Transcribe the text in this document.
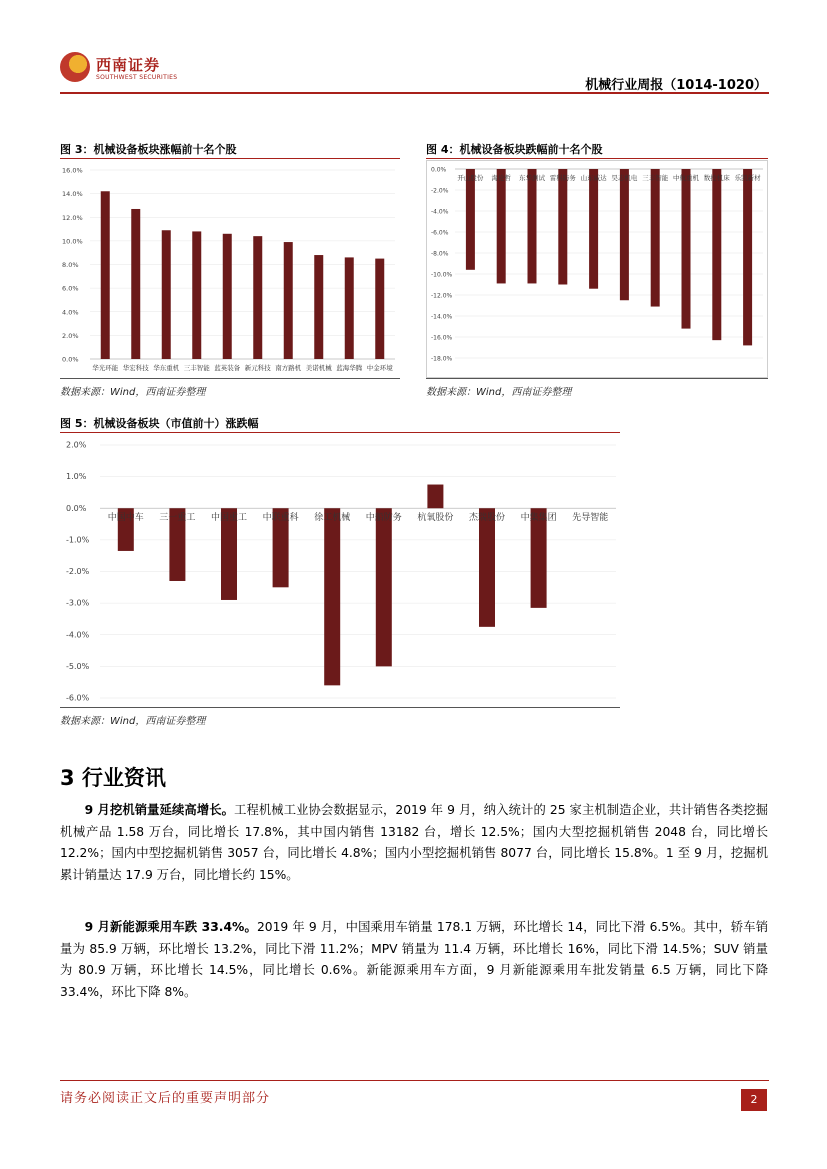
西南证券
SOUTHWEST SECURITIES
机械行业周报（1014-1020）
图 3：机械设备板块涨幅前十名个股
0.0%
2.0%
4.0%
6.0%
8.0%
10.0%
12.0%
14.0%
16.0%
华光环能 华宏科技 华东重机 三丰智能 蓝英装备 新元科技 南方路机 美诺机械 蓝海华腾 中金环境
数据来源：Wind，西南证券整理
图 4：机械设备板块跌幅前十名个股
0.0%
-2.0%
-4.0%
-6.0%
-8.0%
-10.0%
-12.0%
-14.0%
-16.0%
-18.0%
开山股份 海伦哲 东华测试 雷科防务 山东威达 昊志机电 三丰智能 中航重机 数控机床 乐凯新材
数据来源：Wind，西南证券整理
图 5：机械设备板块（市值前十）涨跌幅
2.0%
1.0%
0.0%
-1.0%
-2.0%
-3.0%
-4.0%
-5.0%
-6.0%
中国中车 三一重工 中国重工 中联重科 徐工机械 中船防务 杭氧股份 杰瑞股份 中集集团 先导智能
数据来源：Wind，西南证券整理
3 行业资讯
9 月挖机销量延续高增长。工程机械工业协会数据显示，2019 年 9 月，纳入统计的 25 家主机制造企业，共计销售各类挖掘机械产品 1.58 万台，同比增长 17.8%，其中国内销售 13182 台，增长 12.5%；国内大型挖掘机销售 2048 台，同比增长 12.2%；国内中型挖掘机销售 3057 台，同比增长 4.8%；国内小型挖掘机销售 8077 台，同比增长 15.8%。1 至 9 月，挖掘机累计销量达 17.9 万台，同比增长约 15%。
9 月新能源乘用车跌 33.4%。2019 年 9 月，中国乘用车销量 178.1 万辆，环比增长 14，同比下滑 6.5%。其中，轿车销量为 85.9 万辆，环比增长 13.2%，同比下滑 11.2%；MPV 销量为 11.4 万辆，环比增长 16%，同比下滑 14.5%；SUV 销量为 80.9 万辆，环比增长 14.5%，同比增长 0.6%。新能源乘用车方面，9 月新能源乘用车批发销量 6.5 万辆，同比下降 33.4%，环比下降 8%。
请务必阅读正文后的重要声明部分	2
